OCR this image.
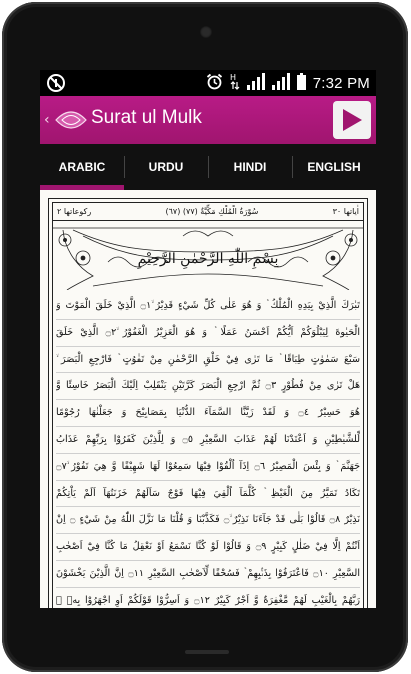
H	7:32 PM
‹ Surat ul Mulk
ARABIC	URDU	HINDI	ENGLISH
ركوعاتها ٢	(٦٧) سُوْرَةُ الْمُلْكِ مَكِّيَّةٌ (٧٧)	اٰياتها ٣٠
بِسْمِ اللّٰهِ الرَّحْمٰنِ الرَّحِيْمِ
تَبٰرَكَ الَّذِيْ بِيَدِهِ الْمُلْكُ ۡ وَ هُوَ عَلٰى كُلِّ شَيْءٍ قَدِيْرُ ۙ۝١ الَّذِيْ خَلَقَ الْمَوْتَ وَ
الْحَيٰوةَ لِيَبْلُوَكُمْ اَيُّكُمْ اَحْسَنُ عَمَلًا ۡ وَ هُوَ الْعَزِيْزُ الْغَفُوْرُ ۙ۝٢ الَّذِيْ خَلَقَ
سَبْعَ سَمٰوٰتٍ طِبَاقًا ۡ مَا تَرٰى فِيْ خَلْقِ الرَّحْمٰنِ مِنْ تَفٰوُتٍ ۡ فَارْجِعِ الْبَصَرَ ۙ
هَلْ تَرٰى مِنْ فُطُوْرٍ ۝٣ ثُمَّ ارْجِعِ الْبَصَرَ كَرَّتَيْنِ يَنْقَلِبْ اِلَيْكَ الْبَصَرُ خَاسِئًا وَّ
هُوَ حَسِيْرٌ ۝٤ وَ لَقَدْ زَيَّنَّا السَّمَآءَ الدُّنْيَا بِمَصَابِيْحَ وَ جَعَلْنٰهَا رُجُوْمًا
لِّلشَّيٰطِيْنِ وَ اَعْتَدْنَا لَهُمْ عَذَابَ السَّعِيْرِ ۝٥ وَ لِلَّذِيْنَ كَفَرُوْا بِرَبِّهِمْ عَذَابُ
جَهَنَّمَ ۡ وَ بِئْسَ الْمَصِيْرُ ۝٦ اِذَآ اُلْقُوْا فِيْهَا سَمِعُوْا لَهَا شَهِيْقًا وَّ هِيَ تَفُوْرُ ۙ۝٧
تَكَادُ تَمَيَّزُ مِنَ الْغَيْظِ ۡ كُلَّمَآ اُلْقِيَ فِيْهَا فَوْجٌ سَاَلَهُمْ خَزَنَتُهَآ اَلَمْ يَاْتِكُمْ
نَذِيْرٌ ۝٨ قَالُوْا بَلٰى قَدْ جَآءَنَا نَذِيْرٌ ۙ۝ فَكَذَّبْنَا وَ قُلْنَا مَا نَزَّلَ اللّٰهُ مِنْ شَيْءٍ ۝ اِنْ
اَنْتُمْ اِلَّا فِيْ ضَلٰلٍ كَبِيْرٍ ۝٩ وَ قَالُوْا لَوْ كُنَّا نَسْمَعُ اَوْ نَعْقِلُ مَا كُنَّا فِيْٓ اَصْحٰبِ
السَّعِيْرِ ۝١٠ فَاعْتَرَفُوْا بِذَنْۢبِهِمْ ۡ فَسُحْقًا لِّاَصْحٰبِ السَّعِيْرِ ۝١١ اِنَّ الَّذِيْنَ يَخْشَوْنَ
رَبَّهُمْ بِالْغَيْبِ لَهُمْ مَّغْفِرَةٌ وَّ اَجْرٌ كَبِيْرٌ ۝١٢ وَ اَسِرُّوْا قَوْلَكُمْ اَوِ اجْهَرُوْا بِهٖ ۡ
